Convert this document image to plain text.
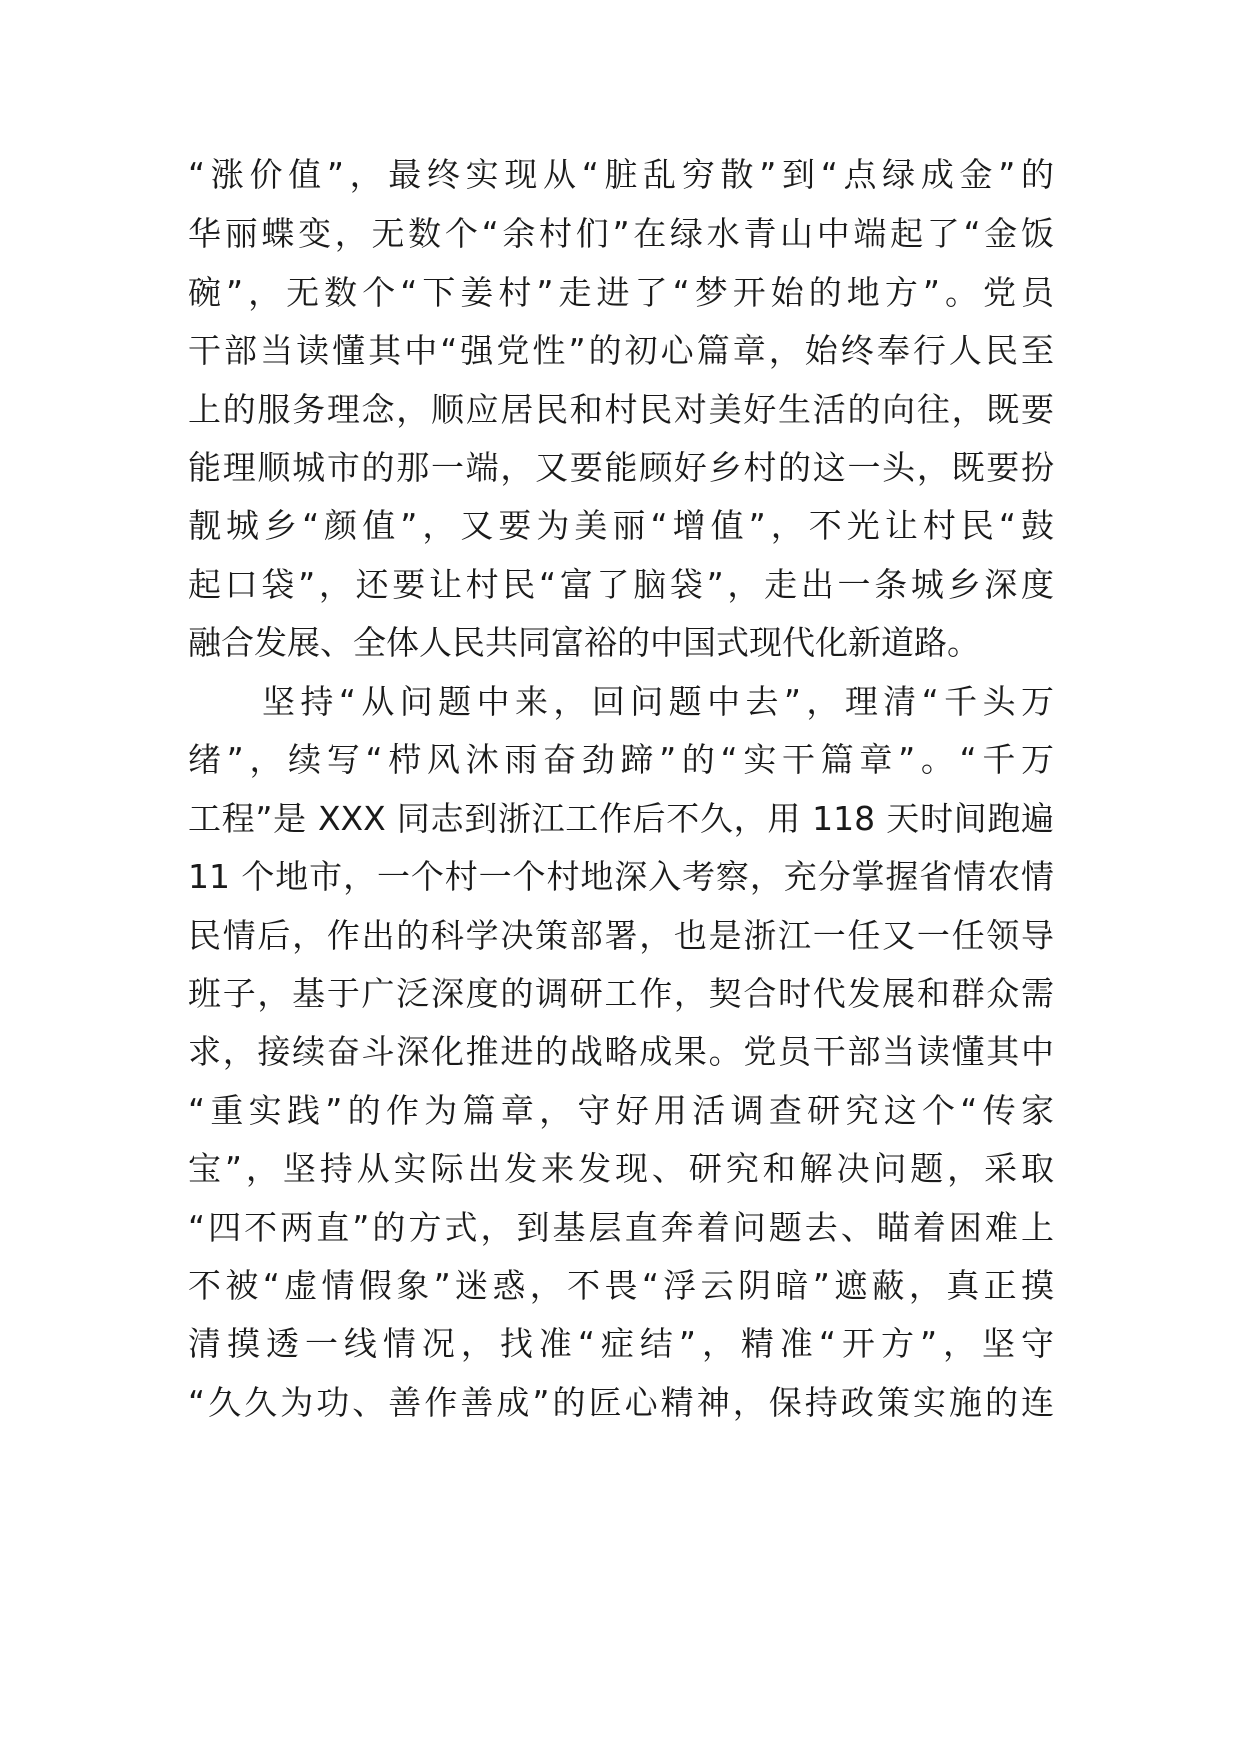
“涨价值”，最终实现从“脏乱穷散”到“点绿成金”的
华丽蝶变，无数个“余村们”在绿水青山中端起了“金饭
碗”，无数个“下姜村”走进了“梦开始的地方”。党员
干部当读懂其中“强党性”的初心篇章，始终奉行人民至
上的服务理念，顺应居民和村民对美好生活的向往，既要
能理顺城市的那一端，又要能顾好乡村的这一头，既要扮
靓城乡“颜值”，又要为美丽“增值”，不光让村民“鼓
起口袋”，还要让村民“富了脑袋”，走出一条城乡深度
融合发展、全体人民共同富裕的中国式现代化新道路。
坚持“从问题中来，回问题中去”，理清“千头万
绪”，续写“栉风沐雨奋劲蹄”的“实干篇章”。“千万
工程”是 XXX 同志到浙江工作后不久，用 118 天时间跑遍
11 个地市，一个村一个村地深入考察，充分掌握省情农情
民情后，作出的科学决策部署，也是浙江一任又一任领导
班子，基于广泛深度的调研工作，契合时代发展和群众需
求，接续奋斗深化推进的战略成果。党员干部当读懂其中
“重实践”的作为篇章，守好用活调查研究这个“传家
宝”，坚持从实际出发来发现、研究和解决问题，采取
“四不两直”的方式，到基层直奔着问题去、瞄着困难上
不被“虚情假象”迷惑，不畏“浮云阴暗”遮蔽，真正摸
清摸透一线情况，找准“症结”，精准“开方”，坚守
“久久为功、善作善成”的匠心精神，保持政策实施的连
